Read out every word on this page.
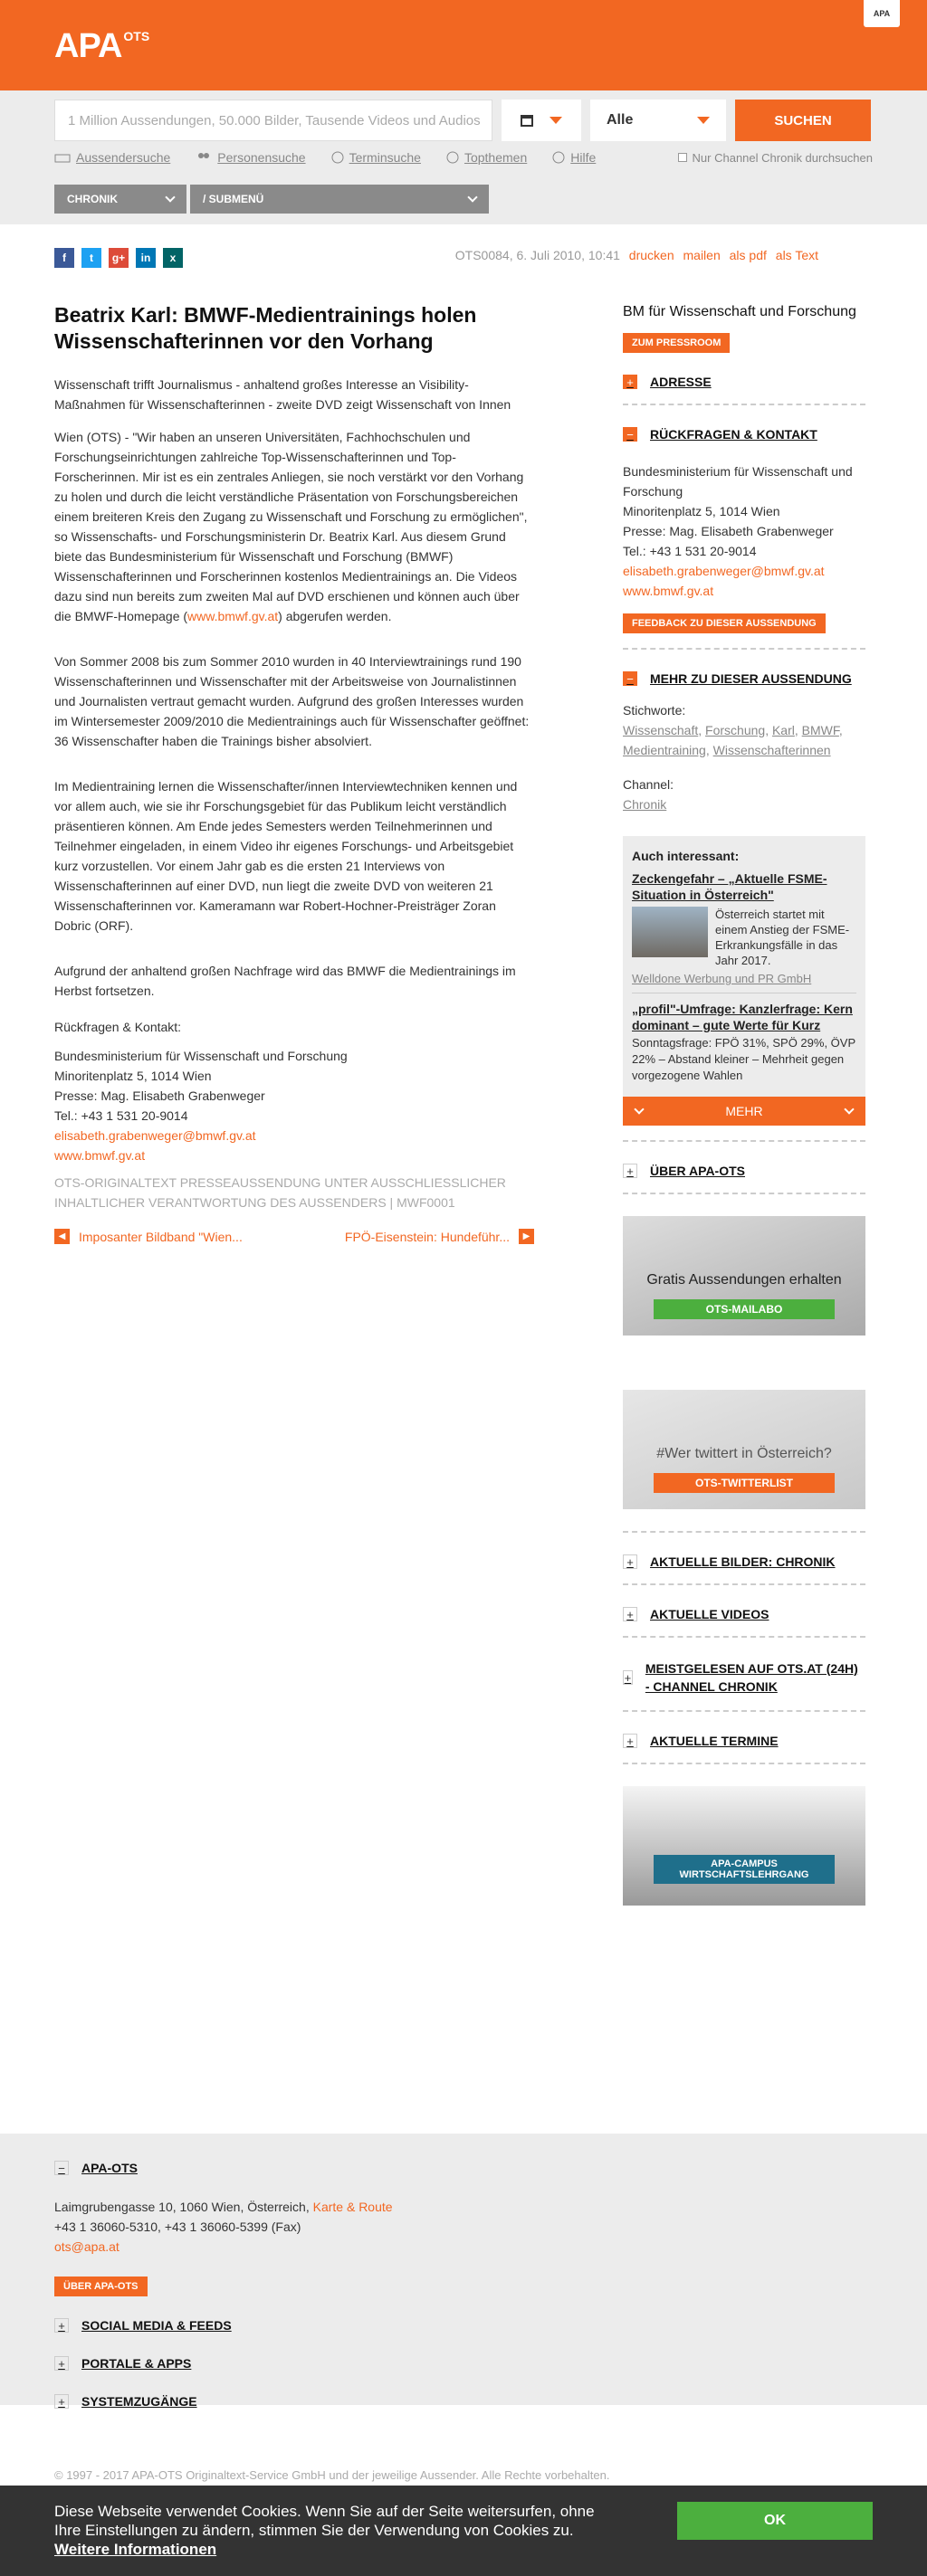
APA OTS
APA
1 Million Aussendungen, 50.000 Bilder, Tausende Videos und Audios	Alle	SUCHEN
Aussendersuche	Personensuche	Terminsuche	Topthemen	Hilfe	Nur Channel Chronik durchsuchen
CHRONIK	/ SUBMENÜ
OTS0084, 6. Juli 2010, 10:41 drucken mailen als pdf als Text
f	t	g+	in	x
Beatrix Karl: BMWF-Medientrainings holen Wissenschafterinnen vor den Vorhang
Wissenschaft trifft Journalismus - anhaltend großes Interesse an Visibility-Maßnahmen für Wissenschafterinnen - zweite DVD zeigt Wissenschaft von Innen

Wien (OTS) - "Wir haben an unseren Universitäten, Fachhochschulen und Forschungseinrichtungen zahlreiche Top-Wissenschafterinnen und Top-Forscherinnen. Mir ist es ein zentrales Anliegen, sie noch verstärkt vor den Vorhang zu holen und durch die leicht verständliche Präsentation von Forschungsbereichen einem breiteren Kreis den Zugang zu Wissenschaft und Forschung zu ermöglichen", so Wissenschafts- und Forschungsministerin Dr. Beatrix Karl. Aus diesem Grund biete das Bundesministerium für Wissenschaft und Forschung (BMWF) Wissenschafterinnen und Forscherinnen kostenlos Medientrainings an. Die Videos dazu sind nun bereits zum zweiten Mal auf DVD erschienen und können auch über die BMWF-Homepage (www.bmwf.gv.at) abgerufen werden.

Von Sommer 2008 bis zum Sommer 2010 wurden in 40 Interviewtrainings rund 190 Wissenschafterinnen und Wissenschafter mit der Arbeitsweise von Journalistinnen und Journalisten vertraut gemacht wurden. Aufgrund des großen Interesses wurden im Wintersemester 2009/2010 die Medientrainings auch für Wissenschafter geöffnet: 36 Wissenschafter haben die Trainings bisher absolviert.

Im Medientraining lernen die Wissenschafter/innen Interviewtechniken kennen und vor allem auch, wie sie ihr Forschungsgebiet für das Publikum leicht verständlich präsentieren können. Am Ende jedes Semesters werden Teilnehmerinnen und Teilnehmer eingeladen, in einem Video ihr eigenes Forschungs- und Arbeitsgebiet kurz vorzustellen. Vor einem Jahr gab es die ersten 21 Interviews von Wissenschafterinnen auf einer DVD, nun liegt die zweite DVD von weiteren 21 Wissenschafterinnen vor. Kameramann war Robert-Hochner-Preisträger Zoran Dobric (ORF).

Aufgrund der anhaltend großen Nachfrage wird das BMWF die Medientrainings im Herbst fortsetzen.

Rückfragen & Kontakt:

Bundesministerium für Wissenschaft und Forschung
Minoritenplatz 5, 1014 Wien
Presse: Mag. Elisabeth Grabenweger
Tel.: +43 1 531 20-9014
elisabeth.grabenweger@bmwf.gv.at
www.bmwf.gv.at

OTS-ORIGINALTEXT PRESSEAUSSENDUNG UNTER AUSSCHLIESSLICHER INHALTLICHER VERANTWORTUNG DES AUSSENDERS | MWF0001
◀	Imposanter Bildband "Wien...	FPÖ-Eisenstein: Hundeführ...	▶
BM für Wissenschaft und Forschung
ZUM PRESSROOM
+	ADRESSE
−	RÜCKFRAGEN & KONTAKT
Bundesministerium für Wissenschaft und Forschung
Minoritenplatz 5, 1014 Wien
Presse: Mag. Elisabeth Grabenweger
Tel.: +43 1 531 20-9014
elisabeth.grabenweger@bmwf.gv.at
www.bmwf.gv.at
FEEDBACK ZU DIESER AUSSENDUNG
−	MEHR ZU DIESER AUSSENDUNG
Stichworte:
Wissenschaft, Forschung, Karl, BMWF, Medientraining, Wissenschafterinnen
Channel:
Chronik
Auch interessant:
Zeckengefahr – „Aktuelle FSME-Situation in Österreich"
Österreich startet mit einem Anstieg der FSME-Erkrankungsfälle in das Jahr 2017.
Welldone Werbung und PR GmbH
„profil"-Umfrage: Kanzlerfrage: Kern dominant – gute Werte für Kurz
Sonntagsfrage: FPÖ 31%, SPÖ 29%, ÖVP 22% – Abstand kleiner – Mehrheit gegen vorgezogene Wahlen
MEHR
+	ÜBER APA-OTS
Gratis Aussendungen erhalten
OTS-MAILABO
#Wer twittert in Österreich?
OTS-TWITTERLIST
+	AKTUELLE BILDER: CHRONIK
+	AKTUELLE VIDEOS
+
MEISTGELESEN AUF OTS.AT (24H) - CHANNEL CHRONIK
+	AKTUELLE TERMINE
APA-CAMPUS WIRTSCHAFTSLEHRGANG
−	APA-OTS
Laimgrubengasse 10, 1060 Wien, Österreich, Karte & Route
+43 1 36060-5310, +43 1 36060-5399 (Fax)
ots@apa.at
ÜBER APA-OTS
+	SOCIAL MEDIA & FEEDS
+	PORTALE & APPS
+	SYSTEMZUGÄNGE
© 1997 - 2017 APA-OTS Originaltext-Service GmbH und der jeweilige Aussender. Alle Rechte vorbehalten.
Diese Webseite verwendet Cookies. Wenn Sie auf der Seite weitersurfen, ohne Ihre Einstellungen zu ändern, stimmen Sie der Verwendung von Cookies zu. Weitere Informationen
OK
